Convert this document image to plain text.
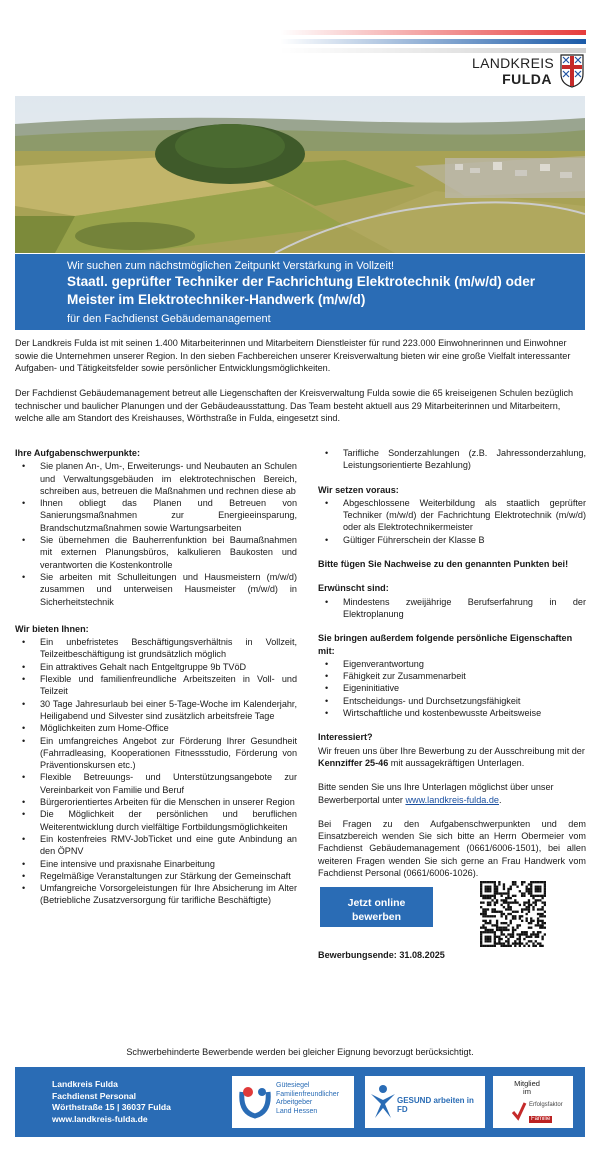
LANDKREIS
FULDA
Wir suchen zum nächstmöglichen Zeitpunkt Verstärkung in Vollzeit!
Staatl. geprüfter Techniker der Fachrichtung Elektrotechnik (m/w/d) oder Meister im Elektrotechniker-Handwerk (m/w/d)
für den Fachdienst Gebäudemanagement
Der Landkreis Fulda ist mit seinen 1.400 Mitarbeiterinnen und Mitarbeitern Dienstleister für rund 223.000 Einwohnerinnen und Einwohner sowie die Unternehmen unserer Region. In den sieben Fachbereichen unserer Kreisverwaltung bieten wir eine große Vielfalt interessanter Aufgaben- und Tätigkeitsfelder sowie persönlicher Entwicklungsmöglichkeiten.
Der Fachdienst Gebäudemanagement betreut alle Liegenschaften der Kreisverwaltung Fulda sowie die 65 kreiseigenen Schulen bezüglich technischer und baulicher Planungen und der Gebäudeausstattung. Das Team besteht aktuell aus 29 Mitarbeiterinnen und Mitarbeitern, welche alle am Standort des Kreishauses, Wörthstraße in Fulda, eingesetzt sind.
Ihre Aufgabenschwerpunkte:
• Sie planen An-, Um-, Erweiterungs- und Neubauten an Schulen und Verwaltungsgebäuden im elektrotechnischen Bereich, schreiben aus, betreuen die Maßnahmen und rechnen diese ab
• Ihnen obliegt das Planen und Betreuen von Sanierungsmaßnahmen zur Energieeinsparung, Brandschutzmaßnahmen sowie Wartungsarbeiten
• Sie übernehmen die Bauherrenfunktion bei Baumaßnahmen mit externen Planungsbüros, kalkulieren Baukosten und verantworten die Kostenkontrolle
• Sie arbeiten mit Schulleitungen und Hausmeistern (m/w/d) zusammen und unterweisen Hausmeister (m/w/d) in Sicherheitstechnik
Wir bieten Ihnen:
• Ein unbefristetes Beschäftigungsverhältnis in Vollzeit, Teilzeitbeschäftigung ist grundsätzlich möglich
• Ein attraktives Gehalt nach Entgeltgruppe 9b TVöD
• Flexible und familienfreundliche Arbeitszeiten in Voll- und Teilzeit
• 30 Tage Jahresurlaub bei einer 5-Tage-Woche im Kalenderjahr, Heiligabend und Silvester sind zusätzlich arbeitsfreie Tage
• Möglichkeiten zum Home-Office
• Ein umfangreiches Angebot zur Förderung Ihrer Gesundheit (Fahrradleasing, Kooperationen Fitnessstudio, Förderung von Präventionskursen etc.)
• Flexible Betreuungs- und Unterstützungsangebote zur Vereinbarkeit von Familie und Beruf
• Bürgerorientiertes Arbeiten für die Menschen in unserer Region
• Die Möglichkeit der persönlichen und beruflichen Weiterentwicklung durch vielfältige Fortbildungsmöglichkeiten
• Ein kostenfreies RMV-JobTicket und eine gute Anbindung an den ÖPNV
• Eine intensive und praxisnahe Einarbeitung
• Regelmäßige Veranstaltungen zur Stärkung der Gemeinschaft
• Umfangreiche Vorsorgeleistungen für Ihre Absicherung im Alter (Betriebliche Zusatzversorgung für tarifliche Beschäftigte)
• Tarifliche Sonderzahlungen (z.B. Jahressonderzahlung, Leistungsorientierte Bezahlung)
Wir setzen voraus:
• Abgeschlossene Weiterbildung als staatlich geprüfter Techniker (m/w/d) der Fachrichtung Elektrotechnik (m/w/d) oder als Elektrotechnikermeister
• Gültiger Führerschein der Klasse B
Bitte fügen Sie Nachweise zu den genannten Punkten bei!
Erwünscht sind:
• Mindestens zweijährige Berufserfahrung in der Elektroplanung
Sie bringen außerdem folgende persönliche Eigenschaften mit:
• Eigenverantwortung
• Fähigkeit zur Zusammenarbeit
• Eigeninitiative
• Entscheidungs- und Durchsetzungsfähigkeit
• Wirtschaftliche und kostenbewusste Arbeitsweise
Interessiert?
Wir freuen uns über Ihre Bewerbung zu der Ausschreibung mit der Kennziffer 25-46 mit aussagekräftigen Unterlagen.
Bitte senden Sie uns Ihre Unterlagen möglichst über unser Bewerberportal unter www.landkreis-fulda.de.
Bei Fragen zu den Aufgabenschwerpunkten und dem Einsatzbereich wenden Sie sich bitte an Herrn Obermeier vom Fachdienst Gebäudemanagement (0661/6006-1501), bei allen weiteren Fragen wenden Sie sich gerne an Frau Handwerk vom Fachdienst Personal (0661/6006-1026).
Jetzt online
bewerben
Bewerbungsende: 31.08.2025
Schwerbehinderte Bewerbende werden bei gleicher Eignung bevorzugt berücksichtigt.
Landkreis Fulda
Fachdienst Personal
Wörthstraße 15 | 36037 Fulda
www.landkreis-fulda.de
Gütesiegel
Familienfreundlicher
Arbeitgeber
Land Hessen
GESUND arbeiten in FD
Mitglied
im
Erfolgsfaktor
Familie
